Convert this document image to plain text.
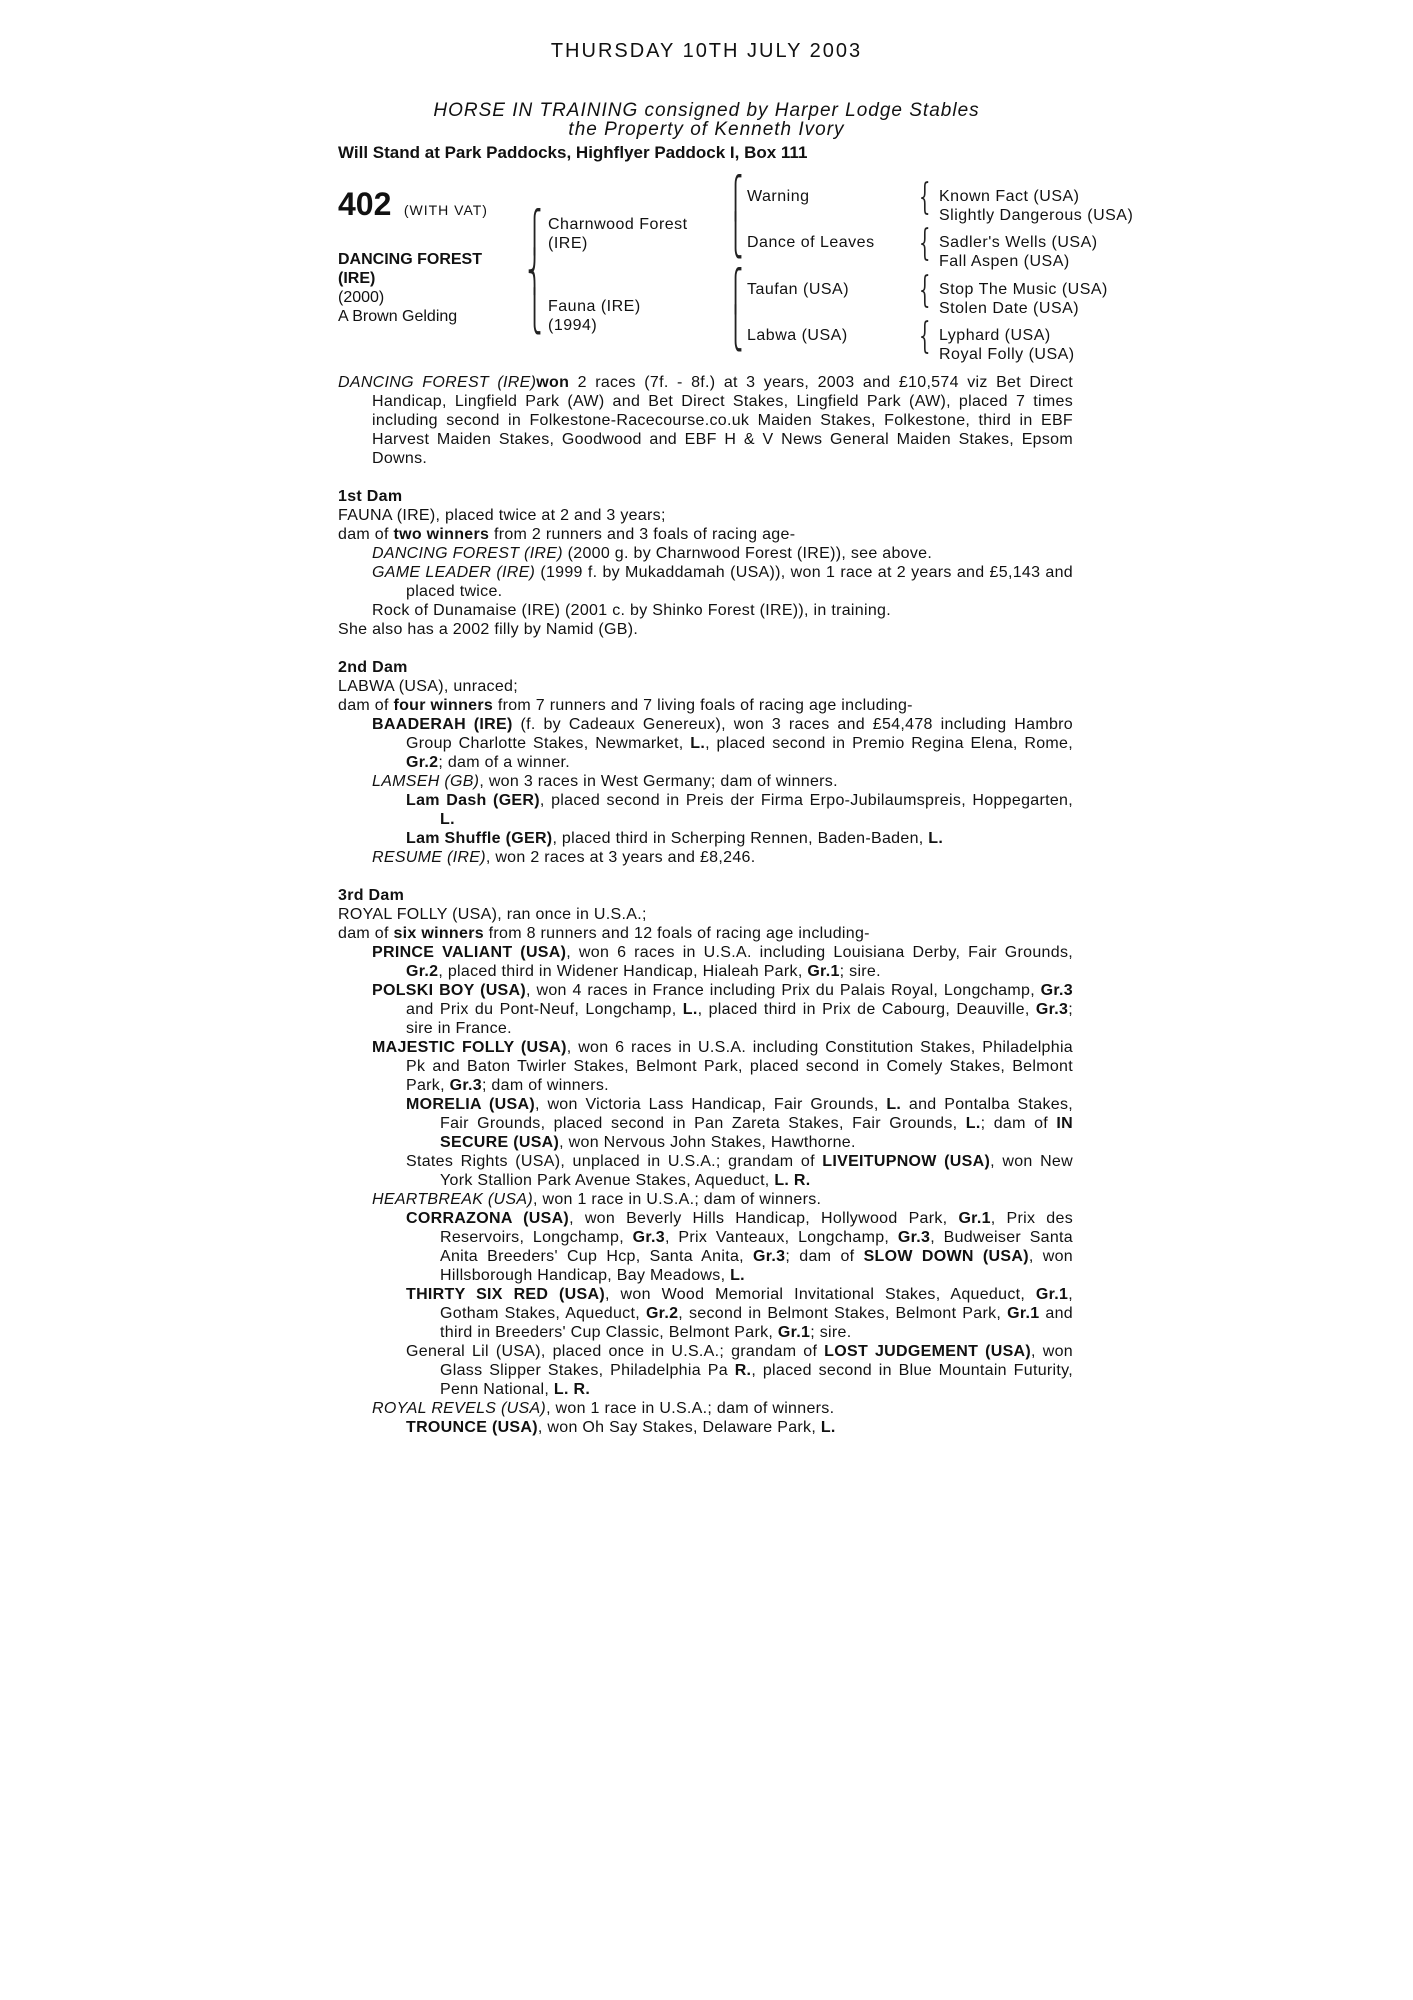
THURSDAY 10TH JULY 2003
HORSE IN TRAINING consigned by Harper Lodge Stables
the Property of Kenneth Ivory
Will Stand at Park Paddocks, Highflyer Paddock I, Box 111
402 (WITH VAT)
DANCING FOREST
(IRE)
(2000)
A Brown Gelding
⎧
⎨
⎩
Charnwood Forest
(IRE)
Fauna (IRE)
(1994)
⎧
⎩
⎧
⎩
Warning
Dance of Leaves
Taufan (USA)
Labwa (USA)
{
{
{
{
Known Fact (USA)
Slightly Dangerous (USA)
Sadler's Wells (USA)
Fall Aspen (USA)
Stop The Music (USA)
Stolen Date (USA)
Lyphard (USA)
Royal Folly (USA)

DANCING FOREST (IRE)won 2 races (7f. - 8f.) at 3 years, 2003 and £10,574 viz Bet Direct Handicap, Lingfield Park (AW) and Bet Direct Stakes, Lingfield Park (AW), placed 7 times including second in Folkestone-Racecourse.co.uk Maiden Stakes, Folkestone, third in EBF Harvest Maiden Stakes, Goodwood and EBF H & V News General Maiden Stakes, Epsom Downs.

1st Dam

FAUNA (IRE), placed twice at 2 and 3 years;

dam of two winners from 2 runners and 3 foals of racing age-

DANCING FOREST (IRE) (2000 g. by Charnwood Forest (IRE)), see above.

GAME LEADER (IRE) (1999 f. by Mukaddamah (USA)), won 1 race at 2 years and £5,143 and placed twice.

Rock of Dunamaise (IRE) (2001 c. by Shinko Forest (IRE)), in training.

She also has a 2002 filly by Namid (GB).

2nd Dam

LABWA (USA), unraced;

dam of four winners from 7 runners and 7 living foals of racing age including-

BAADERAH (IRE) (f. by Cadeaux Genereux), won 3 races and £54,478 including Hambro Group Charlotte Stakes, Newmarket, L., placed second in Premio Regina Elena, Rome, Gr.2; dam of a winner.

LAMSEH (GB), won 3 races in West Germany; dam of winners.

Lam Dash (GER), placed second in Preis der Firma Erpo-Jubilaumspreis, Hoppegarten, L.

Lam Shuffle (GER), placed third in Scherping Rennen, Baden-Baden, L.

RESUME (IRE), won 2 races at 3 years and £8,246.

3rd Dam

ROYAL FOLLY (USA), ran once in U.S.A.;

dam of six winners from 8 runners and 12 foals of racing age including-

PRINCE VALIANT (USA), won 6 races in U.S.A. including Louisiana Derby, Fair Grounds, Gr.2, placed third in Widener Handicap, Hialeah Park, Gr.1; sire.

POLSKI BOY (USA), won 4 races in France including Prix du Palais Royal, Longchamp, Gr.3 and Prix du Pont-Neuf, Longchamp, L., placed third in Prix de Cabourg, Deauville, Gr.3; sire in France.

MAJESTIC FOLLY (USA), won 6 races in U.S.A. including Constitution Stakes, Philadelphia Pk and Baton Twirler Stakes, Belmont Park, placed second in Comely Stakes, Belmont Park, Gr.3; dam of winners.

MORELIA (USA), won Victoria Lass Handicap, Fair Grounds, L. and Pontalba Stakes, Fair Grounds, placed second in Pan Zareta Stakes, Fair Grounds, L.; dam of IN SECURE (USA), won Nervous John Stakes, Hawthorne.

States Rights (USA), unplaced in U.S.A.; grandam of LIVEITUPNOW (USA), won New York Stallion Park Avenue Stakes, Aqueduct, L. R.

HEARTBREAK (USA), won 1 race in U.S.A.; dam of winners.

CORRAZONA (USA), won Beverly Hills Handicap, Hollywood Park, Gr.1, Prix des Reservoirs, Longchamp, Gr.3, Prix Vanteaux, Longchamp, Gr.3, Budweiser Santa Anita Breeders' Cup Hcp, Santa Anita, Gr.3; dam of SLOW DOWN (USA), won Hillsborough Handicap, Bay Meadows, L.

THIRTY SIX RED (USA), won Wood Memorial Invitational Stakes, Aqueduct, Gr.1, Gotham Stakes, Aqueduct, Gr.2, second in Belmont Stakes, Belmont Park, Gr.1 and third in Breeders' Cup Classic, Belmont Park, Gr.1; sire.

General Lil (USA), placed once in U.S.A.; grandam of LOST JUDGEMENT (USA), won Glass Slipper Stakes, Philadelphia Pa R., placed second in Blue Mountain Futurity, Penn National, L. R.

ROYAL REVELS (USA), won 1 race in U.S.A.; dam of winners.

TROUNCE (USA), won Oh Say Stakes, Delaware Park, L.
